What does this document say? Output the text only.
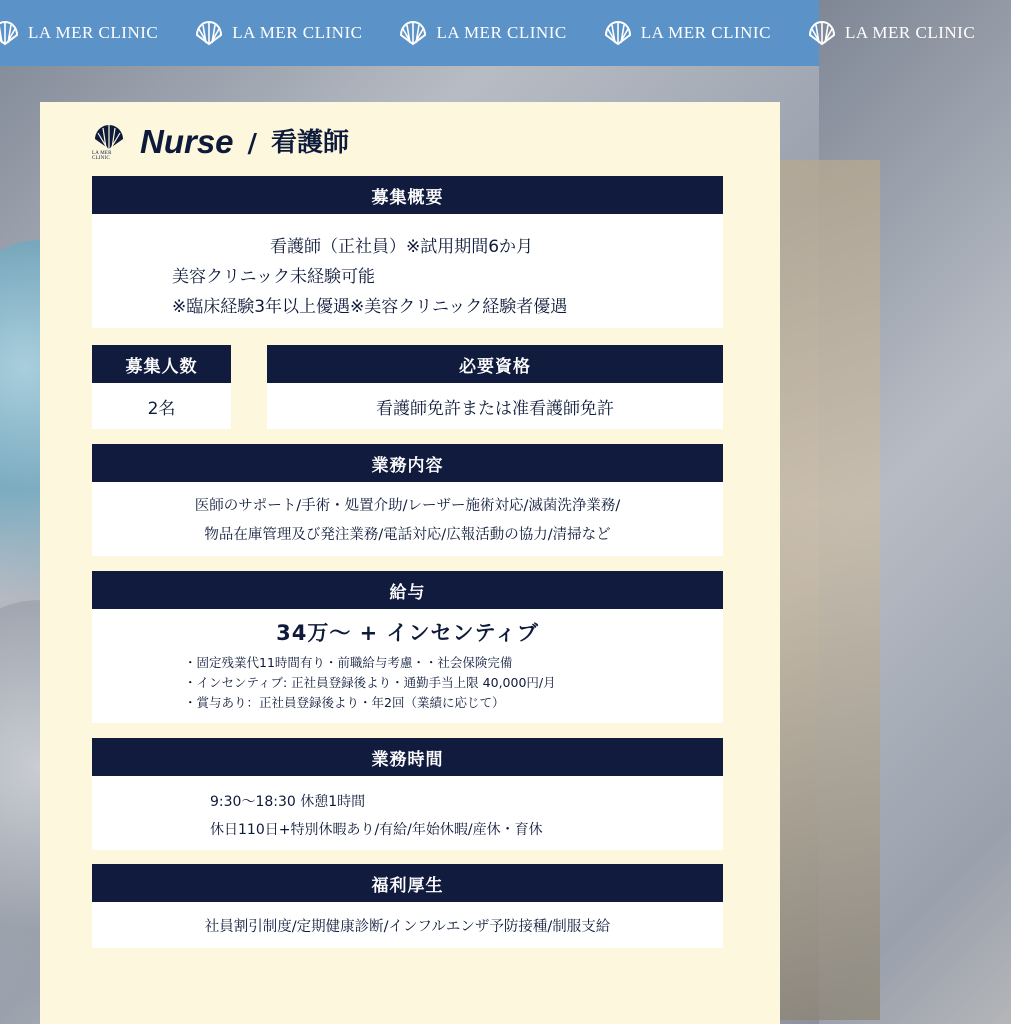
LA MER CLINIC	LA MER CLINIC	LA MER CLINIC	LA MER CLINIC	LA MER CLINIC
LA MER CLINIC Nurse / 看護師
募集概要
看護師（正社員）※試用期間6か月
美容クリニック未経験可能
※臨床経験3年以上優遇※美容クリニック経験者優遇
募集人数
2名
必要資格
看護師免許または准看護師免許
業務内容
医師のサポート/手術・処置介助/レーザー施術対応/滅菌洗浄業務/
物品在庫管理及び発注業務/電話対応/広報活動の協力/清掃など
給与
34万〜 + インセンティブ
・固定残業代11時間有り・前職給与考慮・・社会保険完備
・インセンティブ: 正社員登録後より・通勤手当上限 40,000円/月
・賞与あり：正社員登録後より・年2回（業績に応じて）
業務時間
9:30〜18:30 休憩1時間
休日110日+特別休暇あり/有給/年始休暇/産休・育休
福利厚生
社員割引制度/定期健康診断/インフルエンザ予防接種/制服支給
